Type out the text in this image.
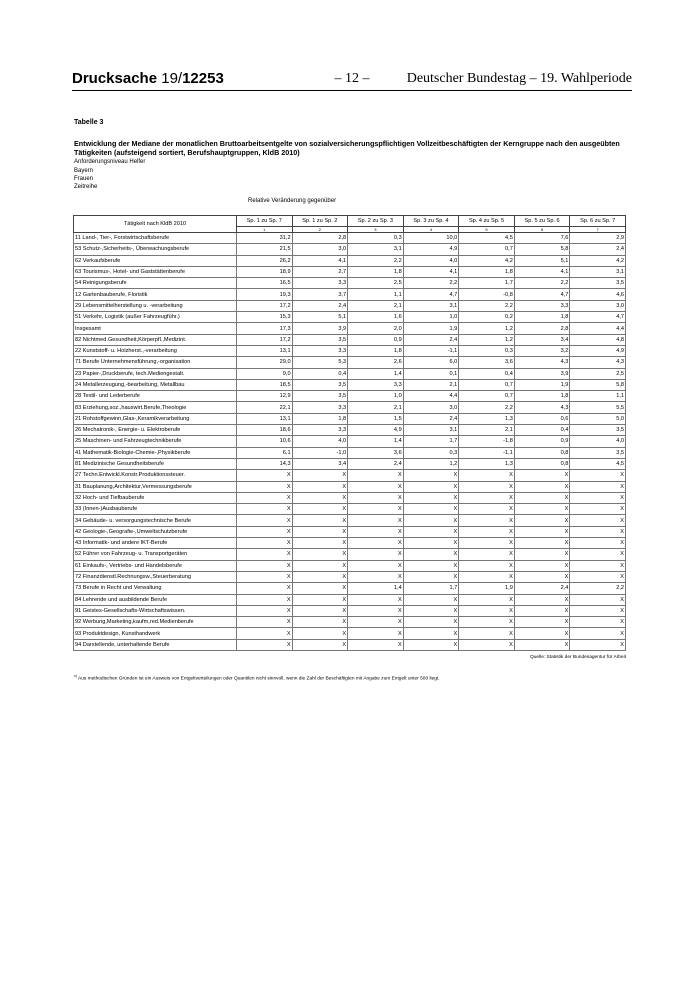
Drucksache 19/12253	– 12 –	Deutscher Bundestag – 19. Wahlperiode
Tabelle 3
Entwicklung der Mediane der monatlichen Bruttoarbeitsentgelte von sozialversicherungspflichtigen Vollzeitbeschäftigten der Kerngruppe nach den ausgeübten Tätigkeiten (aufsteigend sortiert, Berufshauptgruppen, KldB 2010)
Anforderungsniveau Helfer
Bayern
Frauen
Zeitreihe
Relative Veränderung gegenüber
Tätigkeit nach KldB 2010	Sp. 1 zu Sp. 7	Sp. 1 zu Sp. 2	Sp. 2 zu Sp. 3	Sp. 3 zu Sp. 4	Sp. 4 zu Sp. 5	Sp. 5 zu Sp. 6	Sp. 6 zu Sp. 7
	1	2	3	4	5	6	7
11 Land-, Tier-, Forstwirtschaftsberufe	31,2	2,8	0,3	10,0	4,5	7,6	2,9
53 Schutz-,Sicherheits-, Überwachungsberufe	21,5	3,0	3,1	4,9	0,7	5,8	2,4
62 Verkaufsberufe	26,2	4,1	2,2	4,0	4,2	5,1	4,2
63 Tourismus-, Hotel- und Gaststättenberufe	18,9	2,7	1,8	4,1	1,8	4,1	3,1
54 Reinigungsberufe	16,5	3,3	2,5	2,2	1,7	2,2	3,5
12 Gartenbauberufe, Floristik	19,3	3,7	1,1	4,7	-0,8	4,7	4,6
29 Lebensmittelherstellung u. -verarbeitung	17,2	2,4	2,1	3,1	2,2	3,3	3,0
51 Verkehr, Logistik (außer Fahrzeugführ.)	15,3	5,1	1,6	1,0	0,2	1,8	4,7
Insgesamt	17,3	3,9	2,0	1,9	1,2	2,8	4,4
82 Nichtmed.Gesundheit,Körperpfl.,Medizint.	17,2	3,5	0,9	2,4	1,2	3,4	4,8
22 Kunststoff- u. Holzherst.,-verarbeitung	13,1	3,3	1,8	-1,1	0,3	3,2	4,9
71 Berufe Unternehmensführung,-organisation	29,0	5,3	2,6	6,0	3,6	4,3	4,3
23 Papier-,Druckberufe, tech.Mediengestalt.	9,0	0,4	1,4	0,1	0,4	3,9	2,5
24 Metallerzeugung,-bearbeitung, Metallbau	18,5	3,5	3,3	2,1	0,7	1,9	5,8
28 Textil- und Lederberufe	12,9	3,5	1,0	4,4	0,7	1,8	1,1
83 Erziehung,soz.,hauswirt.Berufe,Theologie	22,1	3,3	2,1	3,0	2,2	4,3	5,5
21 Rohstoffgewinn,Glas-,Keramikverarbeitung	13,1	1,8	1,5	2,4	1,3	0,6	5,0
26 Mechatronik-, Energie- u. Elektroberufe	18,6	3,3	4,9	3,1	2,1	0,4	3,5
25 Maschinen- und Fahrzeugtechnikberufe	10,6	4,0	1,4	1,7	-1,8	0,9	4,0
41 Mathematik-Biologie-Chemie-,Physikberufe	6,1	-1,0	3,6	0,3	-1,1	0,8	3,5
81 Medizinische Gesundheitsberufe	14,3	3,4	2,4	1,2	1,3	0,8	4,5
27 Techn.Entwickl.Konstr.Produktionssteuer.	X	X	X	X	X	X	X
31 Bauplanung,Architektur,Vermessungsberufe	X	X	X	X	X	X	X
32 Hoch- und Tiefbauberufe	X	X	X	X	X	X	X
33 (Innen-)Ausbauberufe	X	X	X	X	X	X	X
34 Gebäude- u. versorgungstechnische Berufe	X	X	X	X	X	X	X
42 Geologie-,Geografie-,Umweltschutzberufe	X	X	X	X	X	X	X
43 Informatik- und andere IKT-Berufe	X	X	X	X	X	X	X
52 Führer von Fahrzeug- u. Transportgeräten	X	X	X	X	X	X	X
61 Einkaufs-, Vertriebs- und Handelsberufe	X	X	X	X	X	X	X
72 Finanzdienstl.Rechnungsw.,Steuerberatung	X	X	X	X	X	X	X
73 Berufe in Recht und Verwaltung	X	X	1,4	1,7	1,9	2,4	2,2
84 Lehrende und ausbildende Berufe	X	X	X	X	X	X	X
91 Geistes-Gesellschafts-Wirtschaftswissen.	X	X	X	X	X	X	X
92 Werbung,Marketing,kaufm,red.Medienberufe	X	X	X	X	X	X	X
93 Produktdesign, Kunsthandwerk	X	X	X	X	X	X	X
94 Darstellende, unterhaltende Berufe	X	X	X	X	X	X	X
Quelle: Statistik der Bundesagentur für Arbeit
$^{x)}$ Aus methodischen Gründen ist ein Ausweis von Entgeltverteilungen oder Quantilen nicht sinnvoll, wenn die Zahl der Beschäftigten mit Angabe zum Entgelt unter 500 liegt.
